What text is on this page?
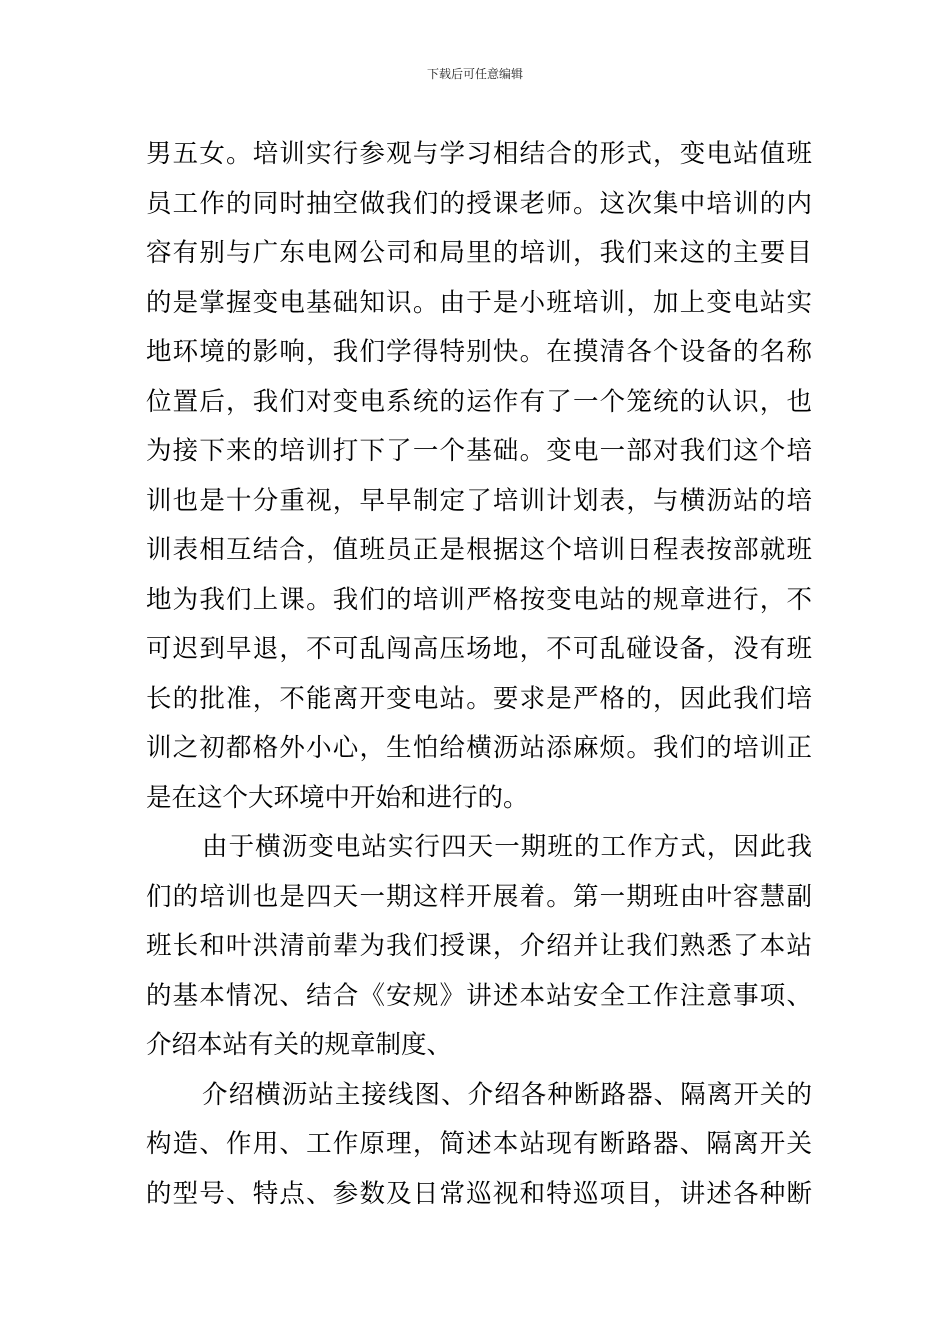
下载后可任意编辑
男五女。培训实行参观与学习相结合的形式，变电站值班
员工作的同时抽空做我们的授课老师。这次集中培训的内
容有别与广东电网公司和局里的培训，我们来这的主要目
的是掌握变电基础知识。由于是小班培训，加上变电站实
地环境的影响，我们学得特别快。在摸清各个设备的名称
位置后，我们对变电系统的运作有了一个笼统的认识，也
为接下来的培训打下了一个基础。变电一部对我们这个培
训也是十分重视，早早制定了培训计划表，与横沥站的培
训表相互结合，值班员正是根据这个培训日程表按部就班
地为我们上课。我们的培训严格按变电站的规章进行，不
可迟到早退，不可乱闯高压场地，不可乱碰设备，没有班
长的批准，不能离开变电站。要求是严格的，因此我们培
训之初都格外小心，生怕给横沥站添麻烦。我们的培训正
是在这个大环境中开始和进行的。
由于横沥变电站实行四天一期班的工作方式，因此我
们的培训也是四天一期这样开展着。第一期班由叶容慧副
班长和叶洪清前辈为我们授课，介绍并让我们熟悉了本站
的基本情况、结合《安规》讲述本站安全工作注意事项、
介绍本站有关的规章制度、
介绍横沥站主接线图、介绍各种断路器、隔离开关的
构造、作用、工作原理，简述本站现有断路器、隔离开关
的型号、特点、参数及日常巡视和特巡项目，讲述各种断
